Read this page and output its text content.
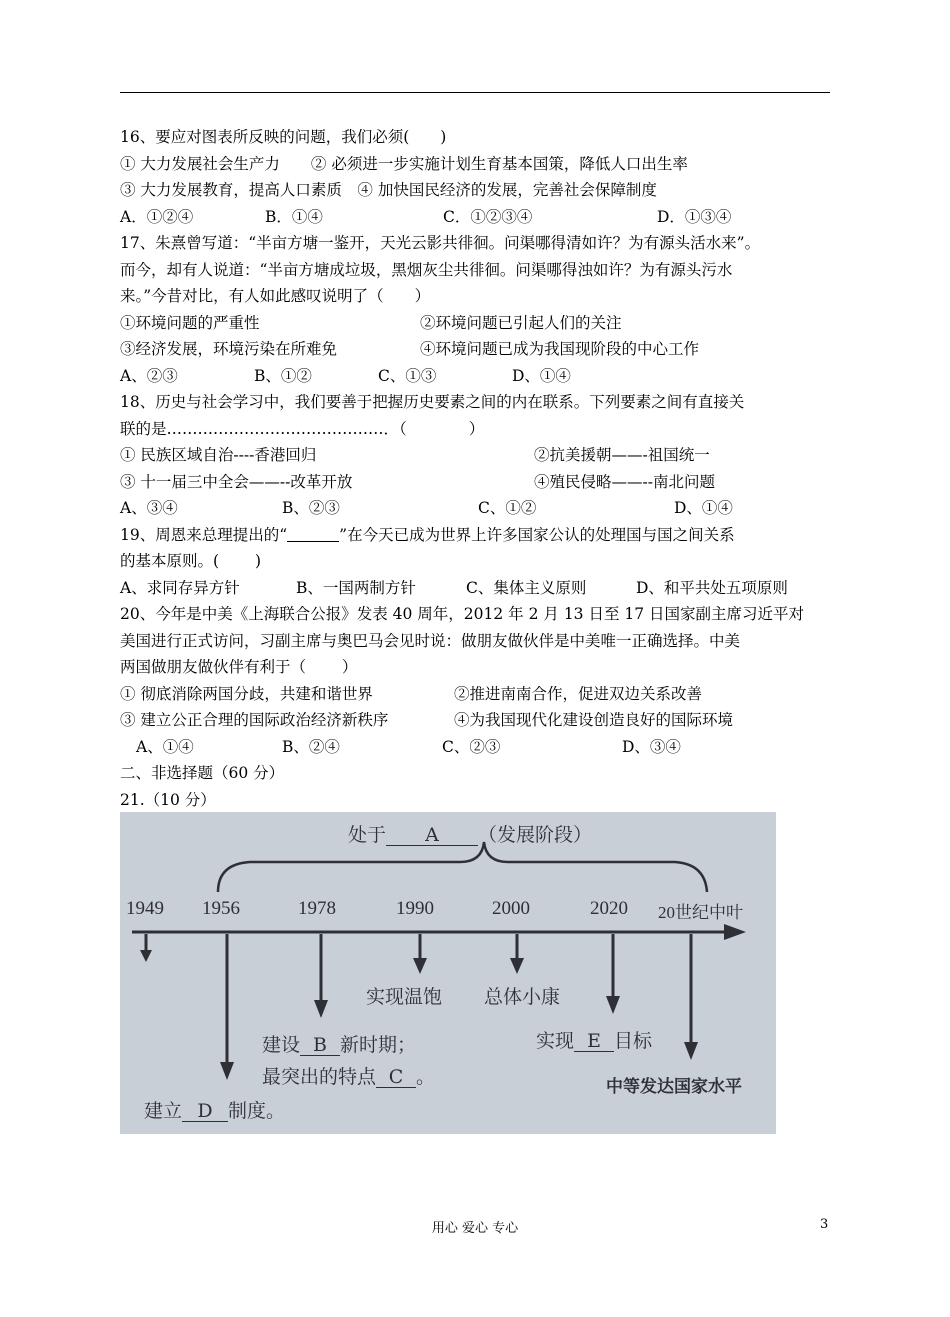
16、要应对图表所反映的问题，我们必须(　　)
① 大力发展社会生产力　　② 必须进一步实施计划生育基本国策，降低人口出生率
③ 大力发展教育，提高人口素质　④ 加快国民经济的发展，完善社会保障制度
A．①②④	B．①④	C．①②③④	D．①③④
17、朱熹曾写道：“半亩方塘一鉴开，天光云影共徘徊。问渠哪得清如许？为有源头活水来”。
而今，却有人说道：“半亩方塘成垃圾，黑烟灰尘共徘徊。问渠哪得浊如许？为有源头污水
来。”今昔对比，有人如此感叹说明了（　　）
①环境问题的严重性	②环境问题已引起人们的关注
③经济发展，环境污染在所难免	④环境问题已成为我国现阶段的中心工作
A、②③	B、①②	C、①③	D、①④
18、历史与社会学习中，我们要善于把握历史要素之间的内在联系。下列要素之间有直接关
联的是……………………………………．（　　　　）
① 民族区域自治----香港回归	②抗美援朝——-祖国统一
③ 十一届三中全会——--改革开放	④殖民侵略——--南北问题
A、③④	B、②③	C、①②	D、①④
19、周恩来总理提出的“	”在今天已成为世界上许多国家公认的处理国与国之间关系
的基本原则。(　　 )
A、求同存异方针	B、一国两制方针	C、集体主义原则	D、和平共处五项原则
20、今年是中美《上海联合公报》发表 40 周年，2012 年 2 月 13 日至 17 日国家副主席习近平对
美国进行正式访问，习副主席与奥巴马会见时说：做朋友做伙伴是中美唯一正确选择。中美
两国做朋友做伙伴有利于（　　 ）
① 彻底消除两国分歧，共建和谐世界	②推进南南合作，促进双边关系改善
③ 建立公正合理的国际政治经济新秩序	④为我国现代化建设创造良好的国际环境
A、①④	B、②④	C、②③	D、③④
二、非选择题（60 分）
21.（10 分）
处于 A （发展阶段）
1949 1956	1978	1990	2000	2020 20世纪中叶
实现温饱 总体小康
建设 B 新时期；
最突出的特点 C 。
实现 E 目标
中等发达国家水平
建立 D 制度。
用心 爱心 专心	3
